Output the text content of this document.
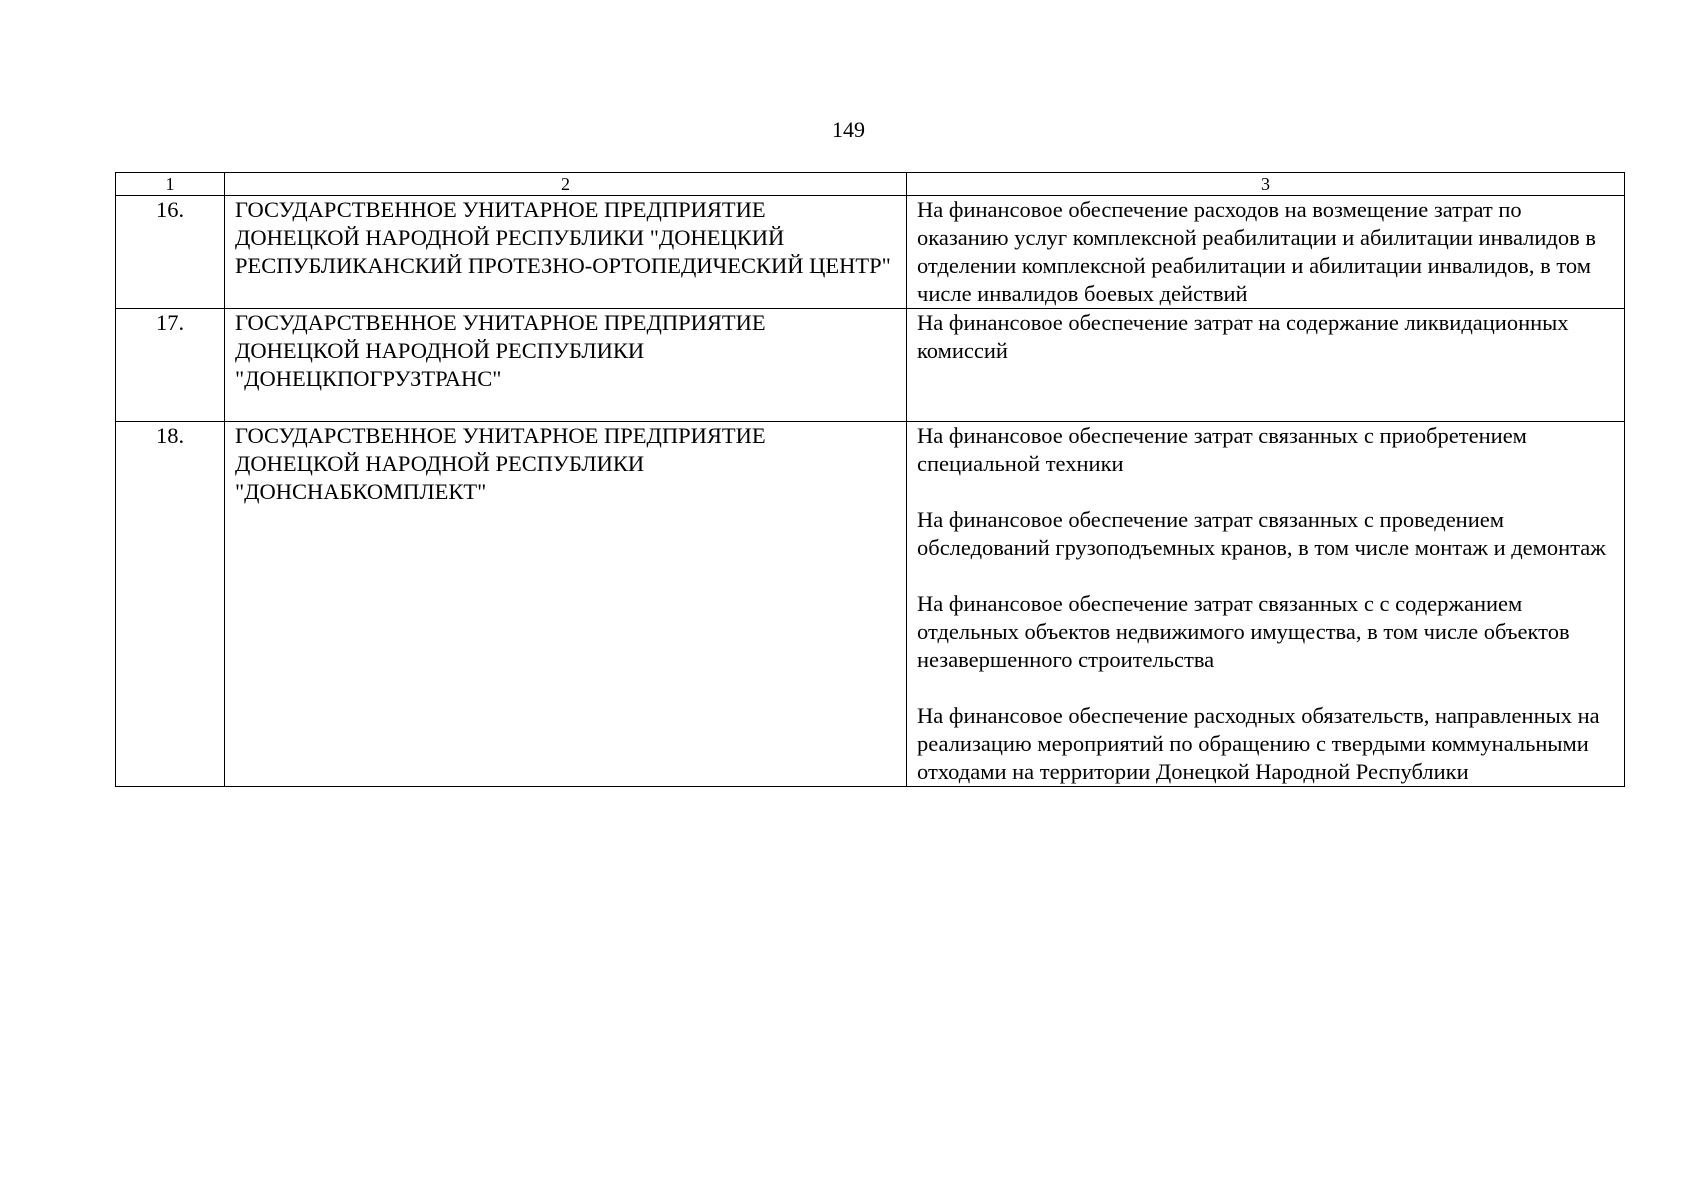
149
1	2	3
16.	ГОСУДАРСТВЕННОЕ УНИТАРНОЕ ПРЕДПРИЯТИЕ ДОНЕЦКОЙ НАРОДНОЙ РЕСПУБЛИКИ "ДОНЕЦКИЙ РЕСПУБЛИКАНСКИЙ ПРОТЕЗНО-ОРТОПЕДИЧЕСКИЙ ЦЕНТР"	На финансовое обеспечение расходов на возмещение затрат по оказанию услуг комплексной реабилитации и абилитации инвалидов в отделении комплексной реабилитации и абилитации инвалидов, в том числе инвалидов боевых действий

17.	ГОСУДАРСТВЕННОЕ УНИТАРНОЕ ПРЕДПРИЯТИЕ ДОНЕЦКОЙ НАРОДНОЙ РЕСПУБЛИКИ "ДОНЕЦКПОГРУЗТРАНС"	На финансовое обеспечение затрат на содержание ликвидационных комиссий

18.	ГОСУДАРСТВЕННОЕ УНИТАРНОЕ ПРЕДПРИЯТИЕ ДОНЕЦКОЙ НАРОДНОЙ РЕСПУБЛИКИ "ДОНСНАБКОМПЛЕКТ"	На финансовое обеспечение затрат связанных с приобретением специальной техники
На финансовое обеспечение затрат связанных с проведением обследований грузоподъемных кранов, в том числе монтаж и демонтаж
На финансовое обеспечение затрат связанных с с содержанием отдельных объектов недвижимого имущества, в том числе объектов незавершенного строительства
На финансовое обеспечение расходных обязательств, направленных на реализацию мероприятий по обращению с твердыми коммунальными отходами на территории Донецкой Народной Республики
